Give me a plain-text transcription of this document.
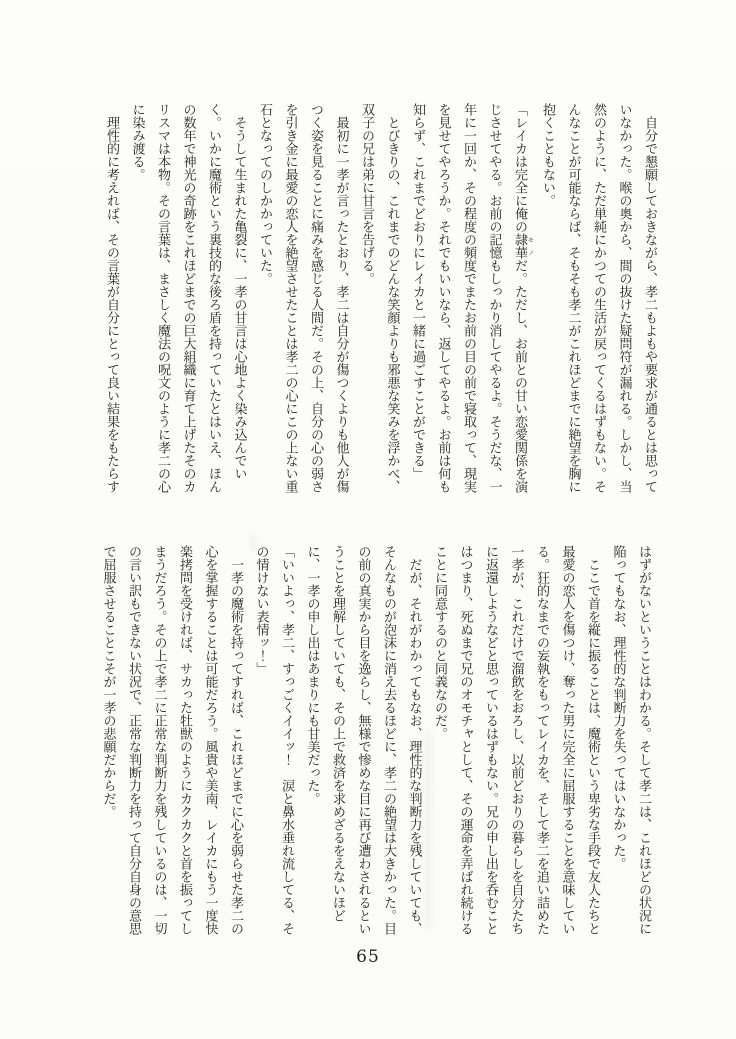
自分で懇願しておきながら、孝二もよもや要求が通るとは思っていなかった。喉の奥から、間の抜けた疑問符が漏れる。しかし、当然のように、ただ単純にかつての生活が戻ってくるはずもない。そんなことが可能ならば、そもそも孝二がこれほどまでに絶望を胸に抱くこともない。

「レイカは完全に俺の隷華 モノだ。ただし、お前との甘い恋愛関係を演じさせてやる。お前の記憶もしっかり消してやるよ。そうだな、一年に一回か、その程度の頻度でまたお前の目の前で寝取って、現実を見せてやろうか。それでもいいなら、返してやるよ。お前は何も知らず、これまでどおりにレイカと一緒に過ごすことができる」

とびきりの、これまでのどんな笑顔よりも邪悪な笑みを浮かべ、双子の兄は弟に甘言を告げる。

最初に一孝が言ったとおり、孝二は自分が傷つくよりも他人が傷つく姿を見ることに痛みを感じる人間だ。その上、自分の心の弱さを引き金に最愛の恋人を絶望させたことは孝二の心にこの上ない重石となってのしかかっていた。

そうして生まれた亀裂に、一孝の甘言は心地よく染み込んでいく。いかに魔術という裏技的な後ろ盾を持っていたとはいえ、ほんの数年で神光の奇跡をこれほどまでの巨大組織に育て上げたそのカリスマは本物。その言葉は、まさしく魔法の呪文のように孝二の心に染み渡る。

理性的に考えれば、その言葉が自分にとって良い結果をもたらす

はずがないということはわかる。そして孝二は、これほどの状況に陥ってもなお、理性的な判断力を失ってはいなかった。

ここで首を縦に振ることは、魔術という卑劣な手段で友人たちと最愛の恋人を傷つけ、奪った男に完全に屈服することを意味している。狂的なまでの妄執をもってレイカを、そして孝二を追い詰めた一孝が、これだけで溜飲をおろし、以前どおりの暮らしを自分たちに返還しようなどと思っているはずもない。兄の申し出を呑むことはつまり、死ぬまで兄のオモチャとして、その運命を弄ばれ続けることに同意するのと同義なのだ。

だが、それがわかってもなお、理性的な判断力を残していても、そんなものが泡沫に消え去るほどに、孝二の絶望は大きかった。目の前の真実から目を逸らし、無様で惨めな目に再び遭わされるということを理解していても、その上で救済を求めざるをえないほどに、一孝の申し出はあまりにも甘美だった。

「いいよっ、孝二、すっごくイイッ！　涙と鼻水垂れ流してる、その情けない表情ッ！」

一孝の魔術を持ってすれば、これほどまでに心を弱らせた孝二の心を掌握することは可能だろう。風貴や美南、レイカにもう一度快楽拷問を受ければ、サカった牡獣のようにカクカクと首を振ってしまうだろう。その上で孝二に正常な判断力を残しているのは、一切の言い訳もできない状況で、正常な判断力を持って自分自身の意思で屈服させることこそが一孝の悲願だからだ。

65
